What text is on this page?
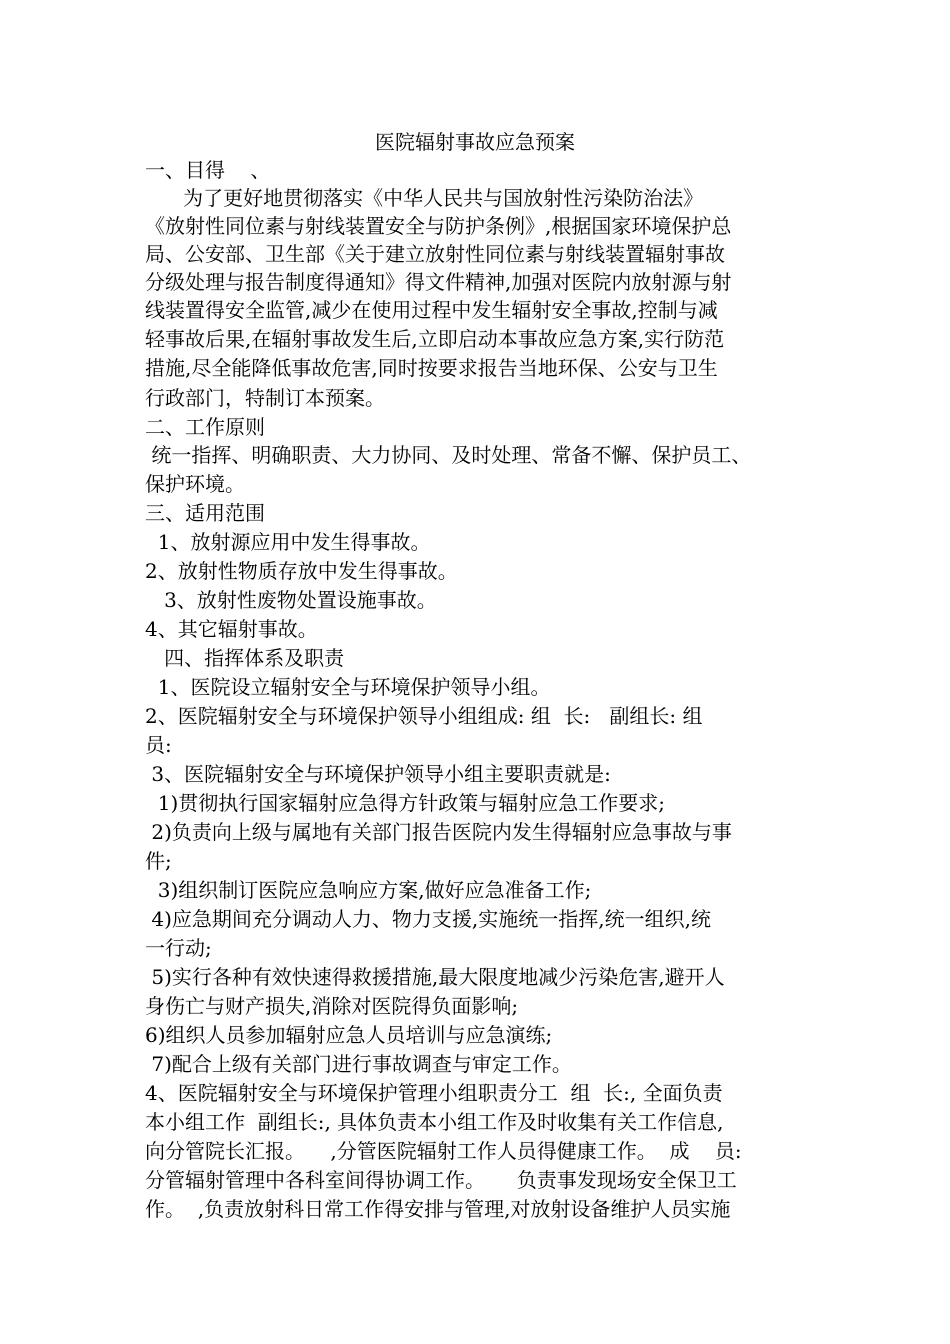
医院辐射事故应急预案
一、目得    、
为了更好地贯彻落实《中华人民共与国放射性污染防治法》
《放射性同位素与射线装置安全与防护条例》,根据国家环境保护总
局、公安部、卫生部《关于建立放射性同位素与射线装置辐射事故
分级处理与报告制度得通知》得文件精神,加强对医院内放射源与射
线装置得安全监管,减少在使用过程中发生辐射安全事故,控制与减
轻事故后果,在辐射事故发生后,立即启动本事故应急方案,实行防范
措施,尽全能降低事故危害,同时按要求报告当地环保、公安与卫生
行政部门，特制订本预案。
二、工作原则
统一指挥、明确职责、大力协同、及时处理、常备不懈、保护员工、
保护环境。
三、适用范围
1、放射源应用中发生得事故。
2、放射性物质存放中发生得事故。
3、放射性废物处置设施事故。
4、其它辐射事故。
四、指挥体系及职责
1、医院设立辐射安全与环境保护领导小组。
2、医院辐射安全与环境保护领导小组组成: 组  长:   副组长: 组
员:
3、医院辐射安全与环境保护领导小组主要职责就是:
1)贯彻执行国家辐射应急得方针政策与辐射应急工作要求;
2)负责向上级与属地有关部门报告医院内发生得辐射应急事故与事
件;
3)组织制订医院应急响应方案,做好应急准备工作;
4)应急期间充分调动人力、物力支援,实施统一指挥,统一组织,统
一行动;
5)实行各种有效快速得救援措施,最大限度地减少污染危害,避开人
身伤亡与财产损失,消除对医院得负面影响;
6)组织人员参加辐射应急人员培训与应急演练;
7)配合上级有关部门进行事故调查与审定工作。
4、医院辐射安全与环境保护管理小组职责分工  组  长:, 全面负责
本小组工作  副组长:, 具体负责本小组工作及时收集有关工作信息,
向分管院长汇报。    ,分管医院辐射工作人员得健康工作。  成    员:
分管辐射管理中各科室间得协调工作。     负责事发现场安全保卫工
作。  ,负责放射科日常工作得安排与管理,对放射设备维护人员实施
